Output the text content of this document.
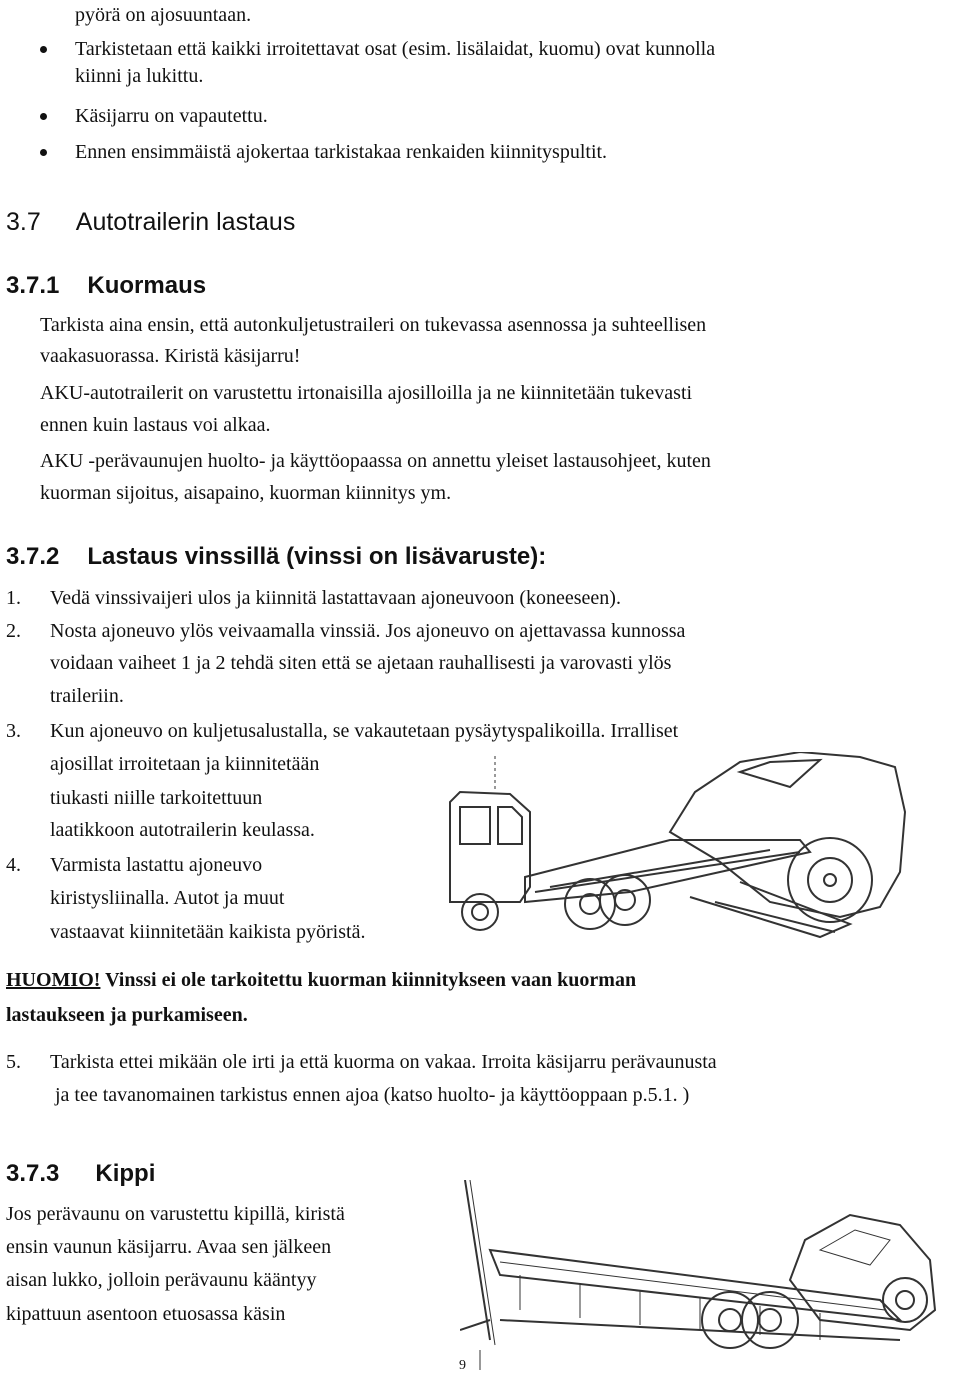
pyörä on ajosuuntaan.
Tarkistetaan että kaikki irroitettavat osat (esim. lisälaidat, kuomu) ovat kunnolla
kiinni ja lukittu.
Käsijarru on vapautettu.
Ennen ensimmäistä ajokertaa tarkistakaa renkaiden kiinnityspultit.
3.7 Autotrailerin lastaus
3.7.1 Kuormaus
Tarkista aina ensin, että autonkuljetustraileri on tukevassa asennossa ja suhteellisen
vaakasuorassa. Kiristä käsijarru!
AKU-autotrailerit on varustettu irtonaisilla ajosilloilla ja ne kiinnitetään tukevasti
ennen kuin lastaus voi alkaa.
AKU -perävaunujen huolto- ja käyttöopaassa on annettu yleiset lastausohjeet, kuten
kuorman sijoitus, aisapaino, kuorman kiinnitys ym.
3.7.2 Lastaus vinssillä (vinssi on lisävaruste):
1. Vedä vinssivaijeri ulos ja kiinnitä lastattavaan ajoneuvoon (koneeseen).
2. Nosta ajoneuvo ylös veivaamalla vinssiä. Jos ajoneuvo on ajettavassa kunnossa
voidaan vaiheet 1 ja 2 tehdä siten että se ajetaan rauhallisesti ja varovasti ylös
traileriin.
3. Kun ajoneuvo on kuljetusalustalla, se vakautetaan pysäytyspalikoilla. Irralliset
ajosillat irroitetaan ja kiinnitetään
tiukasti niille tarkoitettuun
laatikkoon autotrailerin keulassa.
4. Varmista lastattu ajoneuvo
kiristysliinalla. Autot ja muut
vastaavat kiinnitetään kaikista pyöristä.
HUOMIO! Vinssi ei ole tarkoitettu kuorman kiinnitykseen vaan kuorman
lastaukseen ja purkamiseen.
5. Tarkista ettei mikään ole irti ja että kuorma on vakaa. Irroita käsijarru perävaunusta
ja tee tavanomainen tarkistus ennen ajoa (katso huolto- ja käyttöoppaan p.5.1. )
3.7.3 Kippi
Jos perävaunu on varustettu kipillä, kiristä
ensin vaunun käsijarru. Avaa sen jälkeen
aisan lukko, jolloin perävaunu kääntyy
kipattuun asentoon etuosassa käsin
9
